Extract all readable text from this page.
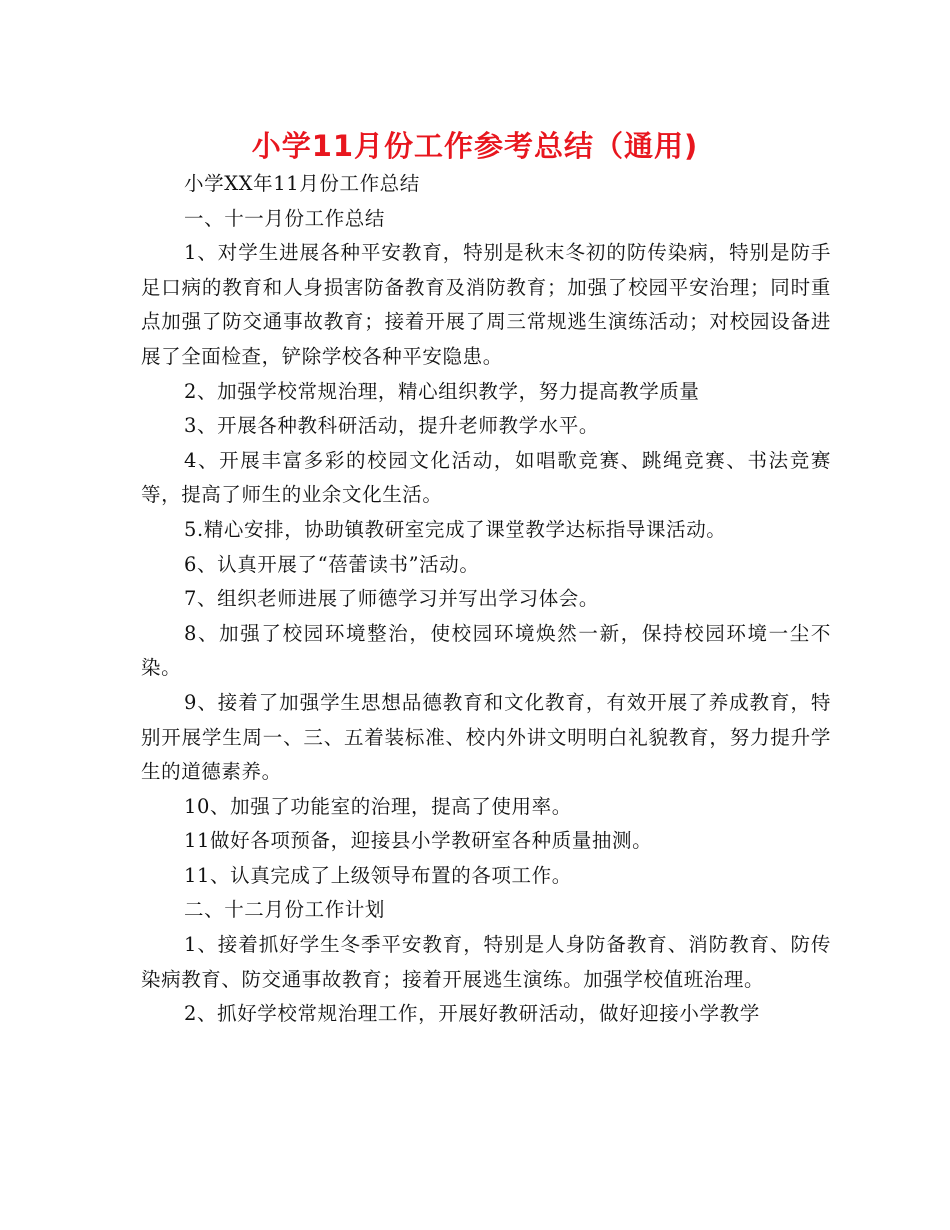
小学11月份工作参考总结（通用)

小学XX年11月份工作总结

一、十一月份工作总结

1、对学生进展各种平安教育，特别是秋末冬初的防传染病，特别是防手足口病的教育和人身损害防备教育及消防教育；加强了校园平安治理；同时重点加强了防交通事故教育；接着开展了周三常规逃生演练活动；对校园设备进展了全面检查，铲除学校各种平安隐患。

2、加强学校常规治理，精心组织教学，努力提高教学质量

3、开展各种教科研活动，提升老师教学水平。

4、开展丰富多彩的校园文化活动，如唱歌竞赛、跳绳竞赛、书法竞赛等，提高了师生的业余文化生活。

5.精心安排，协助镇教研室完成了课堂教学达标指导课活动。

6、认真开展了“蓓蕾读书”活动。

7、组织老师进展了师德学习并写出学习体会。

8、加强了校园环境整治，使校园环境焕然一新，保持校园环境一尘不染。

9、接着了加强学生思想品德教育和文化教育，有效开展了养成教育，特别开展学生周一、三、五着装标准、校内外讲文明明白礼貌教育，努力提升学生的道德素养。

10、加强了功能室的治理，提高了使用率。

11做好各项预备，迎接县小学教研室各种质量抽测。

11、认真完成了上级领导布置的各项工作。

二、十二月份工作计划

1、接着抓好学生冬季平安教育，特别是人身防备教育、消防教育、防传染病教育、防交通事故教育；接着开展逃生演练。加强学校值班治理。

2、抓好学校常规治理工作，开展好教研活动，做好迎接小学教学
